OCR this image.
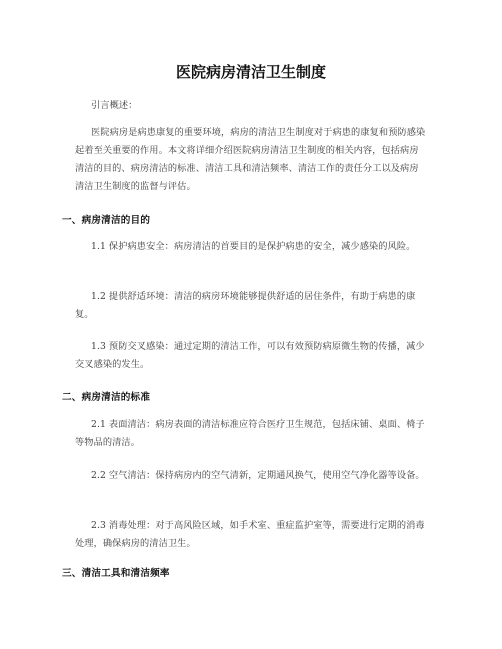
医院病房清洁卫生制度

引言概述：

医院病房是病患康复的重要环境，病房的清洁卫生制度对于病患的康复和预防感染起着至关重要的作用。本文将详细介绍医院病房清洁卫生制度的相关内容，包括病房清洁的目的、病房清洁的标准、清洁工具和清洁频率、清洁工作的责任分工以及病房清洁卫生制度的监督与评估。

一、病房清洁的目的

1.1 保护病患安全：病房清洁的首要目的是保护病患的安全，减少感染的风险。

1.2 提供舒适环境：清洁的病房环境能够提供舒适的居住条件，有助于病患的康复。

1.3 预防交叉感染：通过定期的清洁工作，可以有效预防病原微生物的传播，减少交叉感染的发生。

二、病房清洁的标准

2.1 表面清洁：病房表面的清洁标准应符合医疗卫生规范，包括床铺、桌面、椅子等物品的清洁。

2.2 空气清洁：保持病房内的空气清新，定期通风换气，使用空气净化器等设备。

2.3 消毒处理：对于高风险区域，如手术室、重症监护室等，需要进行定期的消毒处理，确保病房的清洁卫生。

三、清洁工具和清洁频率
